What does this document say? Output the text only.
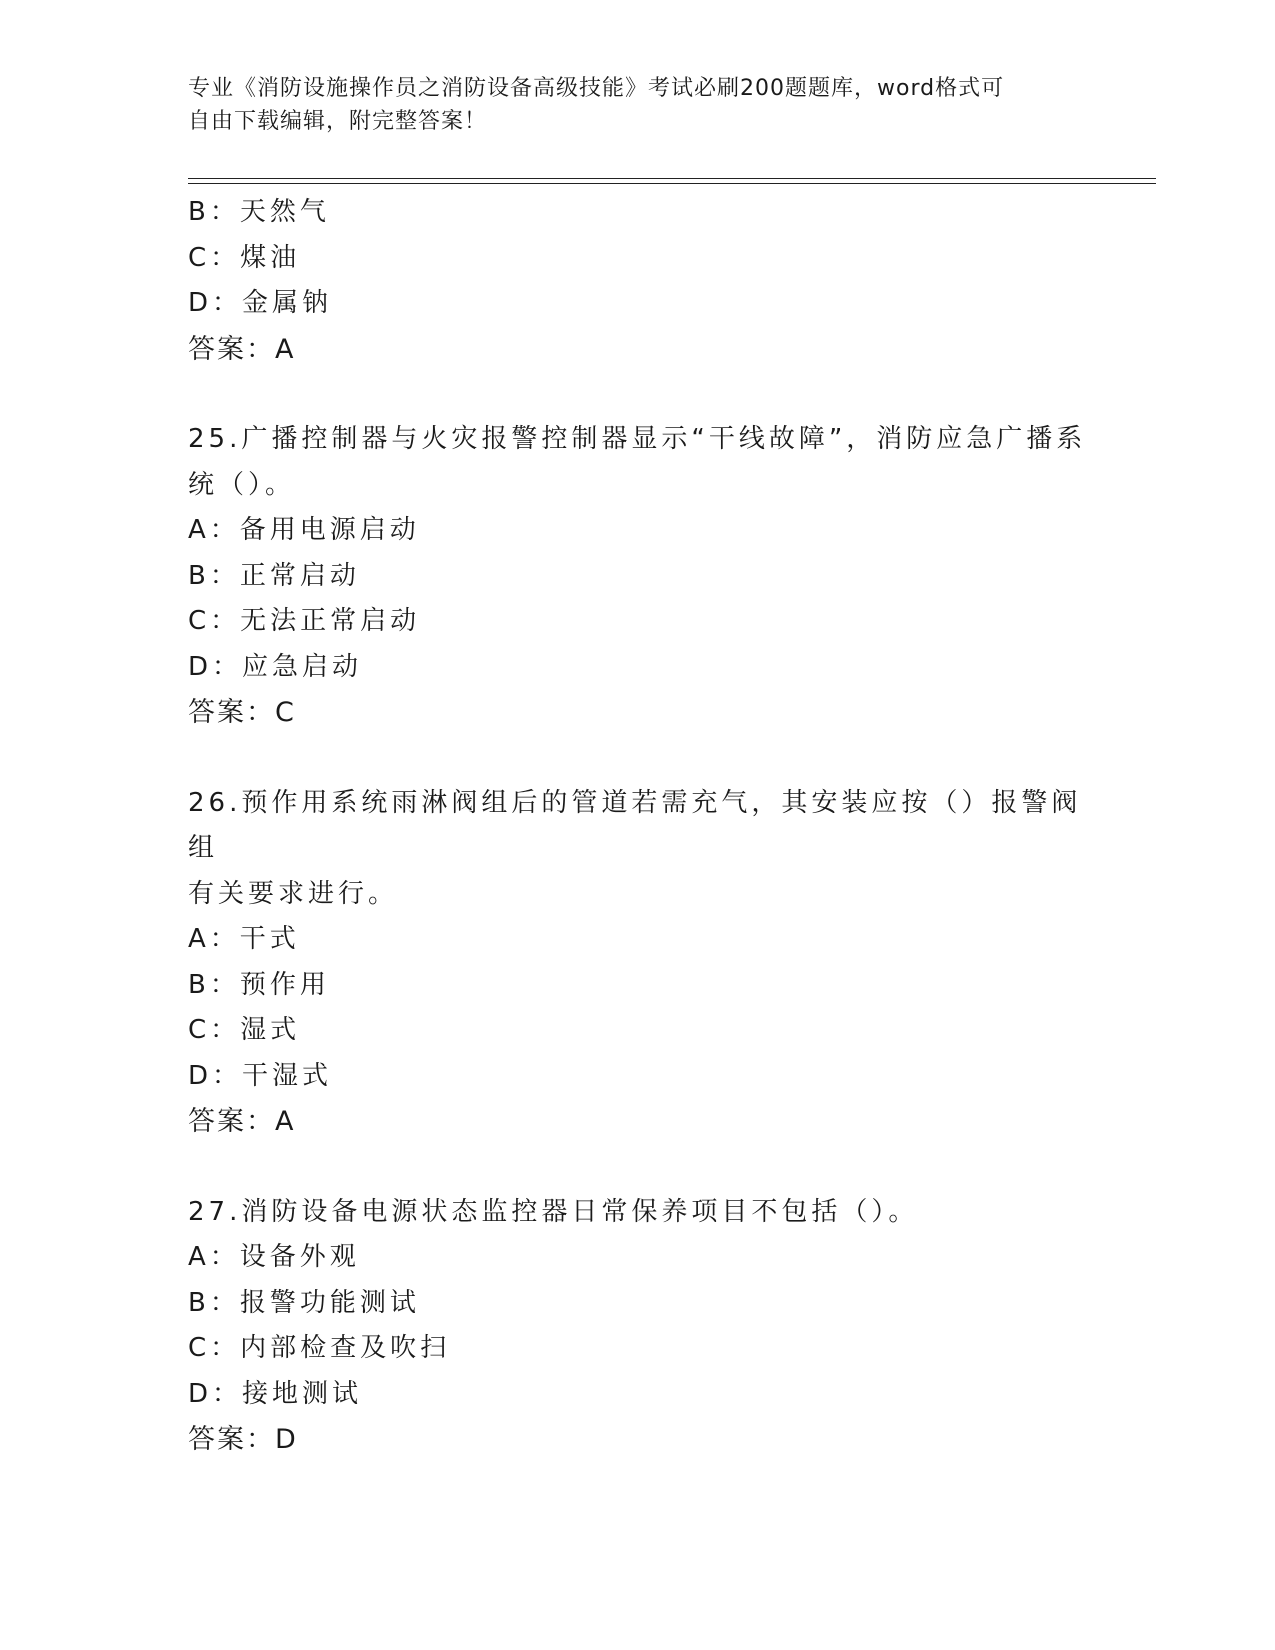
专业《消防设施操作员之消防设备高级技能》考试必刷200题题库，word格式可
自由下载编辑，附完整答案！
B：天然气
C：煤油
D：金属钠
答案：A
25.广播控制器与火灾报警控制器显示“干线故障”，消防应急广播系
统（）。
A：备用电源启动
B：正常启动
C：无法正常启动
D：应急启动
答案：C
26.预作用系统雨淋阀组后的管道若需充气，其安装应按（）报警阀组
有关要求进行。
A：干式
B：预作用
C：湿式
D：干湿式
答案：A
27.消防设备电源状态监控器日常保养项目不包括（）。
A：设备外观
B：报警功能测试
C：内部检查及吹扫
D：接地测试
答案：D
